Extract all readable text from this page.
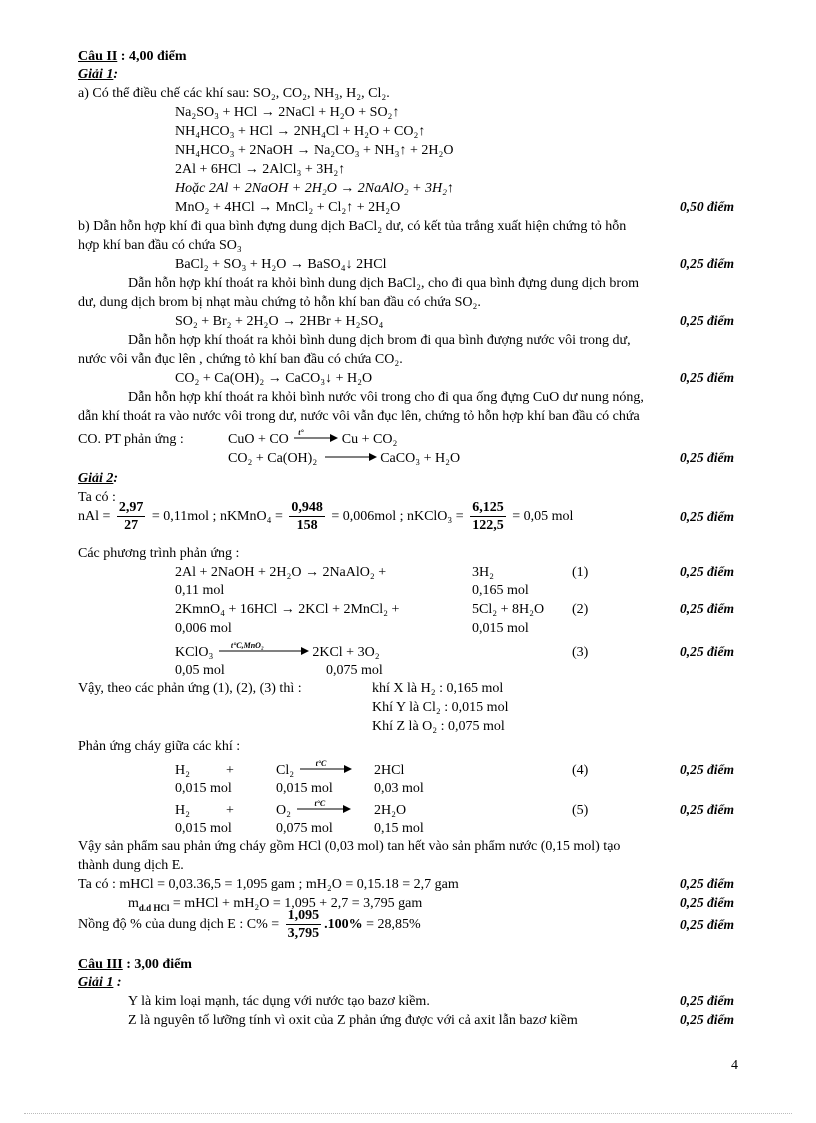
Câu II : 4,00 điểm
Giải 1:
a) Có thể điều chế các khí sau: SO₂, CO₂, NH₃, H₂, Cl₂.
Na₂SO₃ + HCl → 2NaCl + H₂O + SO₂↑
NH₄HCO₃ + HCl → 2NH₄Cl + H₂O + CO₂↑
NH₄HCO₃ + 2NaOH → Na₂CO₃ + NH₃↑ + 2H₂O
2Al + 6HCl → 2AlCl₃ + 3H₂↑
Hoặc 2Al + 2NaOH + 2H₂O → 2NaAlO₂ + 3H₂↑
MnO₂ + 4HCl → MnCl₂ + Cl₂↑ + 2H₂O	0,50 điểm
b) Dẫn hỗn hợp khí đi qua bình đựng dung dịch BaCl₂ dư, có kết tủa trắng xuất hiện chứng tỏ hỗn
hợp khí ban đầu có chứa SO₃
BaCl₂ + SO₃ + H₂O → BaSO₄↓ 2HCl	0,25 điểm
Dẫn hỗn hợp khí thoát ra khỏi bình dung dịch BaCl₂, cho đi qua bình đựng dung dịch brom
dư, dung dịch brom bị nhạt màu chứng tỏ hỗn khí ban đầu có chứa SO₂.
SO₂ + Br₂ + 2H₂O → 2HBr + H₂SO₄	0,25 điểm
Dẫn hỗn hợp khí thoát ra khỏi bình dung dịch brom đi qua bình đượng nước vôi trong dư,
nước vôi vẫn đục lên , chứng tỏ khí ban đầu có chứa CO₂.
CO₂ + Ca(OH)₂ → CaCO₃↓ + H₂O	0,25 điểm
Dẫn hỗn hợp khí thoát ra khỏi bình nước vôi trong cho đi qua ống đựng CuO dư nung nóng,
dẫn khí thoát ra vào nước vôi trong dư, nước vôi vẫn đục lên, chứng tỏ hỗn hợp khí ban đầu có chứa
CO. PT phản ứng :	CuO + CO t°	Cu + CO₂
CO₂ + Ca(OH)₂	CaCO₃ + H₂O	0,25 điểm
Giải 2:
Ta có :
nAl = $\frac{2,97}{27} = 0,11mol$ ; nKMnO₄ = $\frac{0,948}{158} = 0,006mol$ ; nKClO₃ = $\frac{6,125}{122,5} = 0,05$ mol	0,25 điểm
Các phương trình phản ứng :
2Al + 2NaOH + 2H₂O → 2NaAlO₂ +	3H₂	(1)	0,25 điểm
0,11 mol	0,165 mol
2KmnO₄ + 16HCl → 2KCl + 2MnCl₂ +	5Cl₂ + 8H₂O (2)	0,25 điểm
0,006 mol	0,015 mol
KClO₃ t°C,MnO₂	2KCl + 3O₂	(3)	0,25 điểm
0,05 mol	0,075 mol
Vậy, theo các phản ứng (1), (2), (3) thì :	khí X là H₂ : 0,165 mol
Khí Y là Cl₂ : 0,015 mol
Khí Z là O₂ : 0,075 mol
Phản ứng cháy giữa các khí :
H₂	+	Cl₂	t°C	2HCl	(4)	0,25 điểm
0,015 mol	0,015 mol	0,03 mol
H₂	+	O₂	t°C	2H₂O	(5)	0,25 điểm
0,015 mol	0,075 mol	0,15 mol
Vậy sản phẩm sau phản ứng cháy gồm HCl (0,03 mol) tan hết vào sản phẩm nước (0,15 mol) tạo
thành dung dịch E.
Ta có : mHCl = 0,03.36,5 = 1,095 gam ; mH₂O = 0,15.18 = 2,7 gam	0,25 điểm
$m_{d.d HCl}$ = mHCl + mH₂O = 1,095 + 2,7 = 3,795 gam	0,25 điểm
Nồng độ % của dung dịch E : $C\% = \frac{1,095}{3,795} .100\% = 28,85\%$	0,25 điểm
Câu III : 3,00 điểm
Giải 1 :
Y là kim loại mạnh, tác dụng với nước tạo bazơ kiềm.	0,25 điểm
Z là nguyên tố lưỡng tính vì oxit của Z phản ứng được với cả axit lẫn bazơ kiềm	0,25 điểm
4
